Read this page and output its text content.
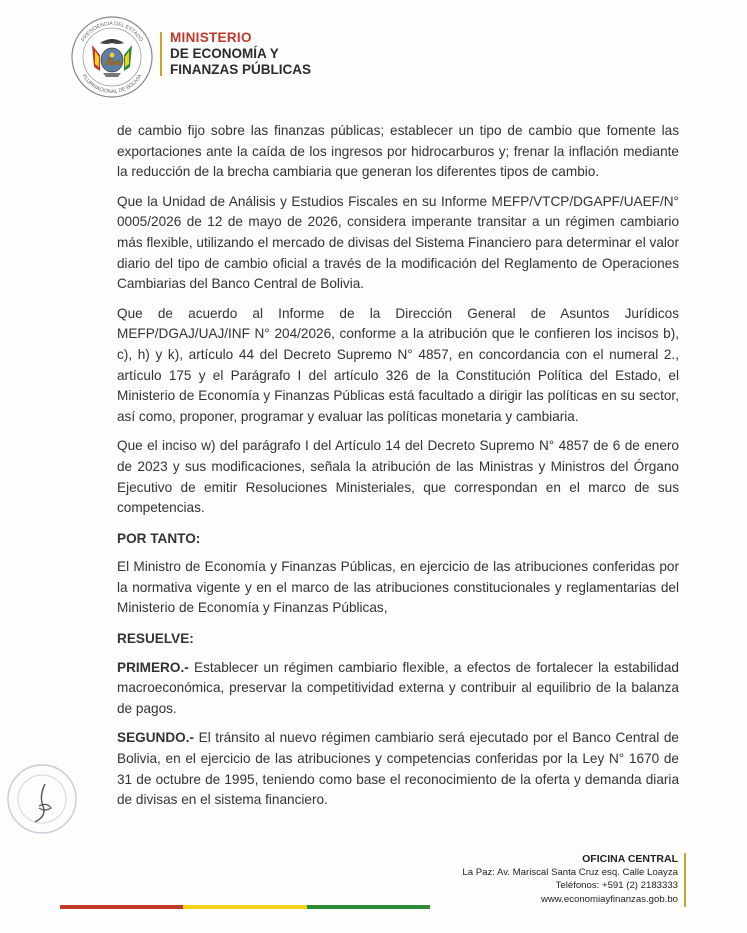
PRESIDENCIA DEL ESTADO
PLURINACIONAL DE BOLIVIA
MINISTERIO
DE ECONOMÍA Y
FINANZAS PÚBLICAS

de cambio fijo sobre las finanzas públicas; establecer un tipo de cambio que fomente las exportaciones ante la caída de los ingresos por hidrocarburos y; frenar la inflación mediante la reducción de la brecha cambiaria que generan los diferentes tipos de cambio.

Que la Unidad de Análisis y Estudios Fiscales en su Informe MEFP/VTCP/DGAPF/UAEF/N° 0005/2026 de 12 de mayo de 2026, considera imperante transitar a un régimen cambiario más flexible, utilizando el mercado de divisas del Sistema Financiero para determinar el valor diario del tipo de cambio oficial a través de la modificación del Reglamento de Operaciones Cambiarias del Banco Central de Bolivia.

Que de acuerdo al Informe de la Dirección General de Asuntos Jurídicos MEFP/DGAJ/UAJ/INF N° 204/2026, conforme a la atribución que le confieren los incisos b), c), h) y k), artículo 44 del Decreto Supremo N° 4857, en concordancia con el numeral 2., artículo 175 y el Parágrafo I del artículo 326 de la Constitución Política del Estado, el Ministerio de Economía y Finanzas Públicas está facultado a dirigir las políticas en su sector, así como, proponer, programar y evaluar las políticas monetaria y cambiaria.

Que el inciso w) del parágrafo I del Artículo 14 del Decreto Supremo N° 4857 de 6 de enero de 2023 y sus modificaciones, señala la atribución de las Ministras y Ministros del Órgano Ejecutivo de emitir Resoluciones Ministeriales, que correspondan en el marco de sus competencias.

POR TANTO:

El Ministro de Economía y Finanzas Públicas, en ejercicio de las atribuciones conferidas por la normativa vigente y en el marco de las atribuciones constitucionales y reglamentarias del Ministerio de Economía y Finanzas Públicas,

RESUELVE:

PRIMERO.- Establecer un régimen cambiario flexible, a efectos de fortalecer la estabilidad macroeconómica, preservar la competitividad externa y contribuir al equilibrio de la balanza de pagos.

SEGUNDO.- El tránsito al nuevo régimen cambiario será ejecutado por el Banco Central de Bolivia, en el ejercicio de las atribuciones y competencias conferidas por la Ley N° 1670 de 31 de octubre de 1995, teniendo como base el reconocimiento de la oferta y demanda diaria de divisas en el sistema financiero.

OFICINA CENTRAL
La Paz: Av. Mariscal Santa Cruz esq. Calle Loayza
Teléfonos: +591 (2) 2183333
www.economiayfinanzas.gob.bo
